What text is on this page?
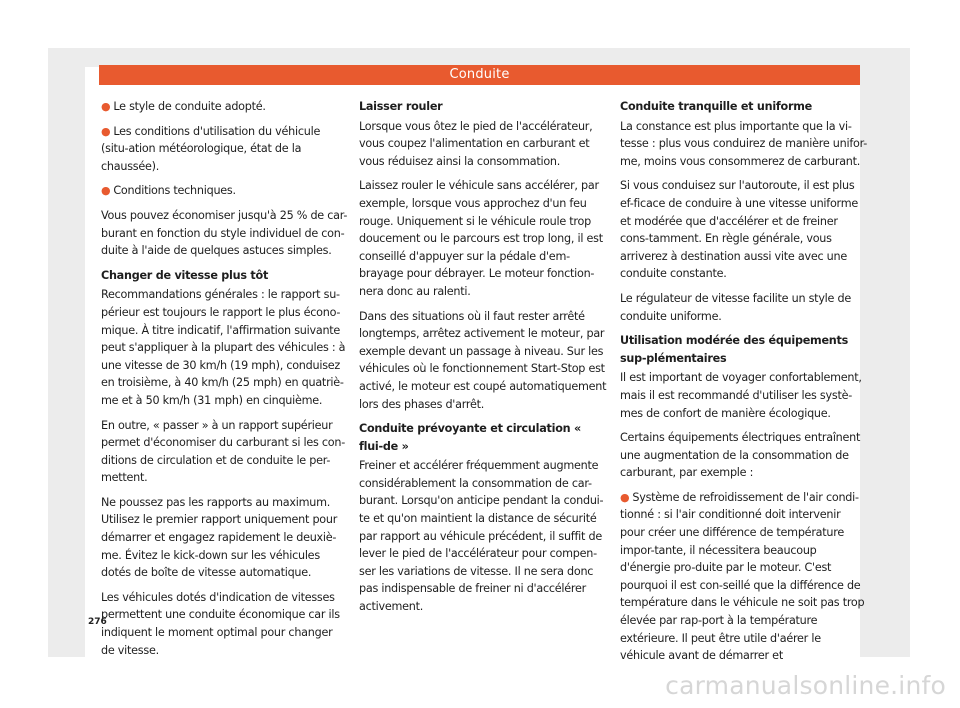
Conduite

● Le style de conduite adopté.

● Les conditions d'utilisation du véhicule (situ-ation météorologique, état de la chaussée).

● Conditions techniques.

Vous pouvez économiser jusqu'à 25 % de car-burant en fonction du style individuel de con-duite à l'aide de quelques astuces simples.

Changer de vitesse plus tôt

Recommandations générales : le rapport su-périeur est toujours le rapport le plus écono-mique. À titre indicatif, l'affirmation suivante peut s'appliquer à la plupart des véhicules : à une vitesse de 30 km/h (19 mph), conduisez en troisième, à 40 km/h (25 mph) en quatriè-me et à 50 km/h (31 mph) en cinquième.

En outre, « passer » à un rapport supérieur permet d'économiser du carburant si les con-ditions de circulation et de conduite le per-mettent.

Ne poussez pas les rapports au maximum. Utilisez le premier rapport uniquement pour démarrer et engagez rapidement le deuxiè-me. Évitez le kick-down sur les véhicules dotés de boîte de vitesse automatique.

Les véhicules dotés d'indication de vitesses permettent une conduite économique car ils indiquent le moment optimal pour changer de vitesse.

Laisser rouler

Lorsque vous ôtez le pied de l'accélérateur, vous coupez l'alimentation en carburant et vous réduisez ainsi la consommation.

Laissez rouler le véhicule sans accélérer, par exemple, lorsque vous approchez d'un feu rouge. Uniquement si le véhicule roule trop doucement ou le parcours est trop long, il est conseillé d'appuyer sur la pédale d'em-brayage pour débrayer. Le moteur fonction-nera donc au ralenti.

Dans des situations où il faut rester arrêté longtemps, arrêtez activement le moteur, par exemple devant un passage à niveau. Sur les véhicules où le fonctionnement Start-Stop est activé, le moteur est coupé automatiquement lors des phases d'arrêt.

Conduite prévoyante et circulation « flui-de »

Freiner et accélérer fréquemment augmente considérablement la consommation de car-burant. Lorsqu'on anticipe pendant la condui-te et qu'on maintient la distance de sécurité par rapport au véhicule précédent, il suffit de lever le pied de l'accélérateur pour compen-ser les variations de vitesse. Il ne sera donc pas indispensable de freiner ni d'accélérer activement.

Conduite tranquille et uniforme

La constance est plus importante que la vi-tesse : plus vous conduirez de manière unifor-me, moins vous consommerez de carburant.

Si vous conduisez sur l'autoroute, il est plus ef-ficace de conduire à une vitesse uniforme et modérée que d'accélérer et de freiner cons-tamment. En règle générale, vous arriverez à destination aussi vite avec une conduite constante.

Le régulateur de vitesse facilite un style de conduite uniforme.

Utilisation modérée des équipements sup-plémentaires

Il est important de voyager confortablement, mais il est recommandé d'utiliser les systè-mes de confort de manière écologique.

Certains équipements électriques entraînent une augmentation de la consommation de carburant, par exemple :

● Système de refroidissement de l'air condi-tionné : si l'air conditionné doit intervenir pour créer une différence de température impor-tante, il nécessitera beaucoup d'énergie pro-duite par le moteur. C'est pourquoi il est con-seillé que la différence de température dans le véhicule ne soit pas trop élevée par rap-port à la température extérieure. Il peut être utile d'aérer le véhicule avant de démarrer et

276
carmanualsonline.info
